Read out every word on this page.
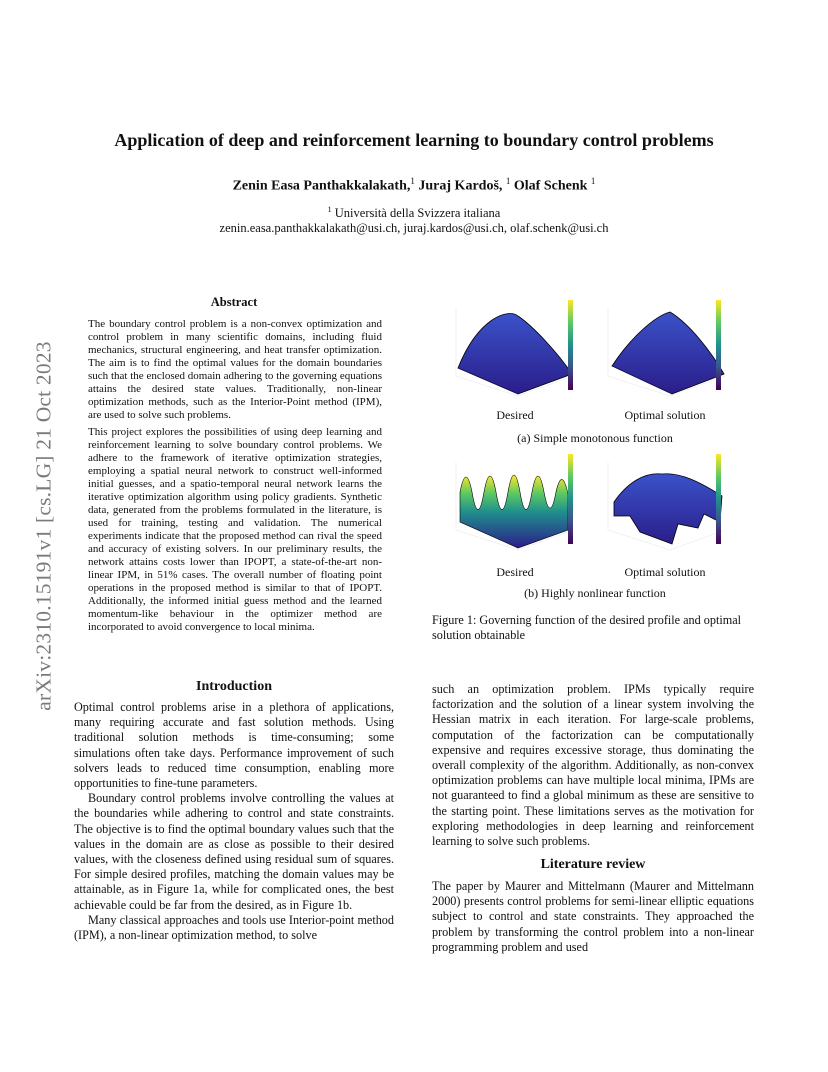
Application of deep and reinforcement learning to boundary control problems
Zenin Easa Panthakkalakath,$^1$ Juraj Kardoš, $^1$ Olaf Schenk $^1$
$^1$ Università della Svizzera italiana
zenin.easa.panthakkalakath@usi.ch, juraj.kardos@usi.ch, olaf.schenk@usi.ch
arXiv:2310.15191v1 [cs.LG] 21 Oct 2023
Abstract

The boundary control problem is a non-convex optimization and control problem in many scientific domains, including fluid mechanics, structural engineering, and heat transfer optimization. The aim is to find the optimal values for the domain boundaries such that the enclosed domain adhering to the governing equations attains the desired state values. Traditionally, non-linear optimization methods, such as the Interior-Point method (IPM), are used to solve such problems.

This project explores the possibilities of using deep learning and reinforcement learning to solve boundary control problems. We adhere to the framework of iterative optimization strategies, employing a spatial neural network to construct well-informed initial guesses, and a spatio-temporal neural network learns the iterative optimization algorithm using policy gradients. Synthetic data, generated from the problems formulated in the literature, is used for training, testing and validation. The numerical experiments indicate that the proposed method can rival the speed and accuracy of existing solvers. In our preliminary results, the network attains costs lower than IPOPT, a state-of-the-art non-linear IPM, in 51% cases. The overall number of floating point operations in the proposed method is similar to that of IPOPT. Additionally, the informed initial guess method and the learned momentum-like behaviour in the optimizer method are incorporated to avoid convergence to local minima.

Desired	Optimal solution
(a) Simple monotonous function
Desired	Optimal solution
(b) Highly nonlinear function
Figure 1: Governing function of the desired profile and optimal solution obtainable
Introduction

Optimal control problems arise in a plethora of applications, many requiring accurate and fast solution methods. Using traditional solution methods is time-consuming; some simulations often take days. Performance improvement of such solvers leads to reduced time consumption, enabling more opportunities to fine-tune parameters.

Boundary control problems involve controlling the values at the boundaries while adhering to control and state constraints. The objective is to find the optimal boundary values such that the values in the domain are as close as possible to their desired values, with the closeness defined using residual sum of squares. For simple desired profiles, matching the domain values may be attainable, as in Figure 1a, while for complicated ones, the best achievable could be far from the desired, as in Figure 1b.

Many classical approaches and tools use Interior-point method (IPM), a non-linear optimization method, to solve

such an optimization problem. IPMs typically require factorization and the solution of a linear system involving the Hessian matrix in each iteration. For large-scale problems, computation of the factorization can be computationally expensive and requires excessive storage, thus dominating the overall complexity of the algorithm. Additionally, as non-convex optimization problems can have multiple local minima, IPMs are not guaranteed to find a global minimum as these are sensitive to the starting point. These limitations serves as the motivation for exploring methodologies in deep learning and reinforcement learning to solve such problems.

Literature review

The paper by Maurer and Mittelmann (Maurer and Mittelmann 2000) presents control problems for semi-linear elliptic equations subject to control and state constraints. They approached the problem by transforming the control problem into a non-linear programming problem and used
